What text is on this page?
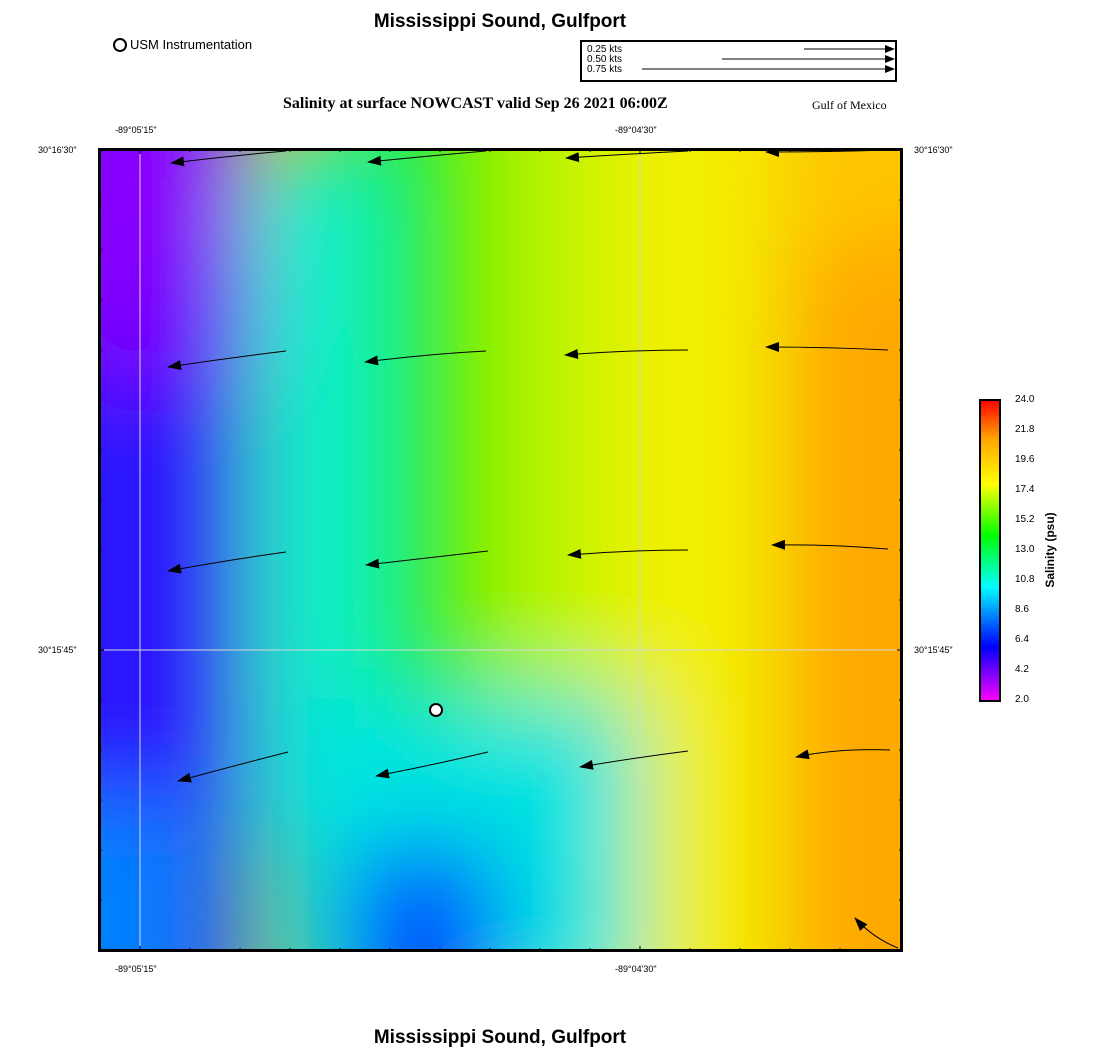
Mississippi Sound, Gulfport
USM Instrumentation	0.25 kts
0.50 kts
0.75 kts
Salinity at surface NOWCAST valid Sep 26 2021 06:00Z	Gulf of Mexico
-89°05'15"	-89°04'30"
-89°05'15"	-89°04'30"
30°16'30"
30°15'45"
30°16'30"
30°15'45"
24.0
21.8
19.6
17.4
15.2
13.0
10.8
8.6
6.4
4.2
2.0
Salinity (psu)
Mississippi Sound, Gulfport
